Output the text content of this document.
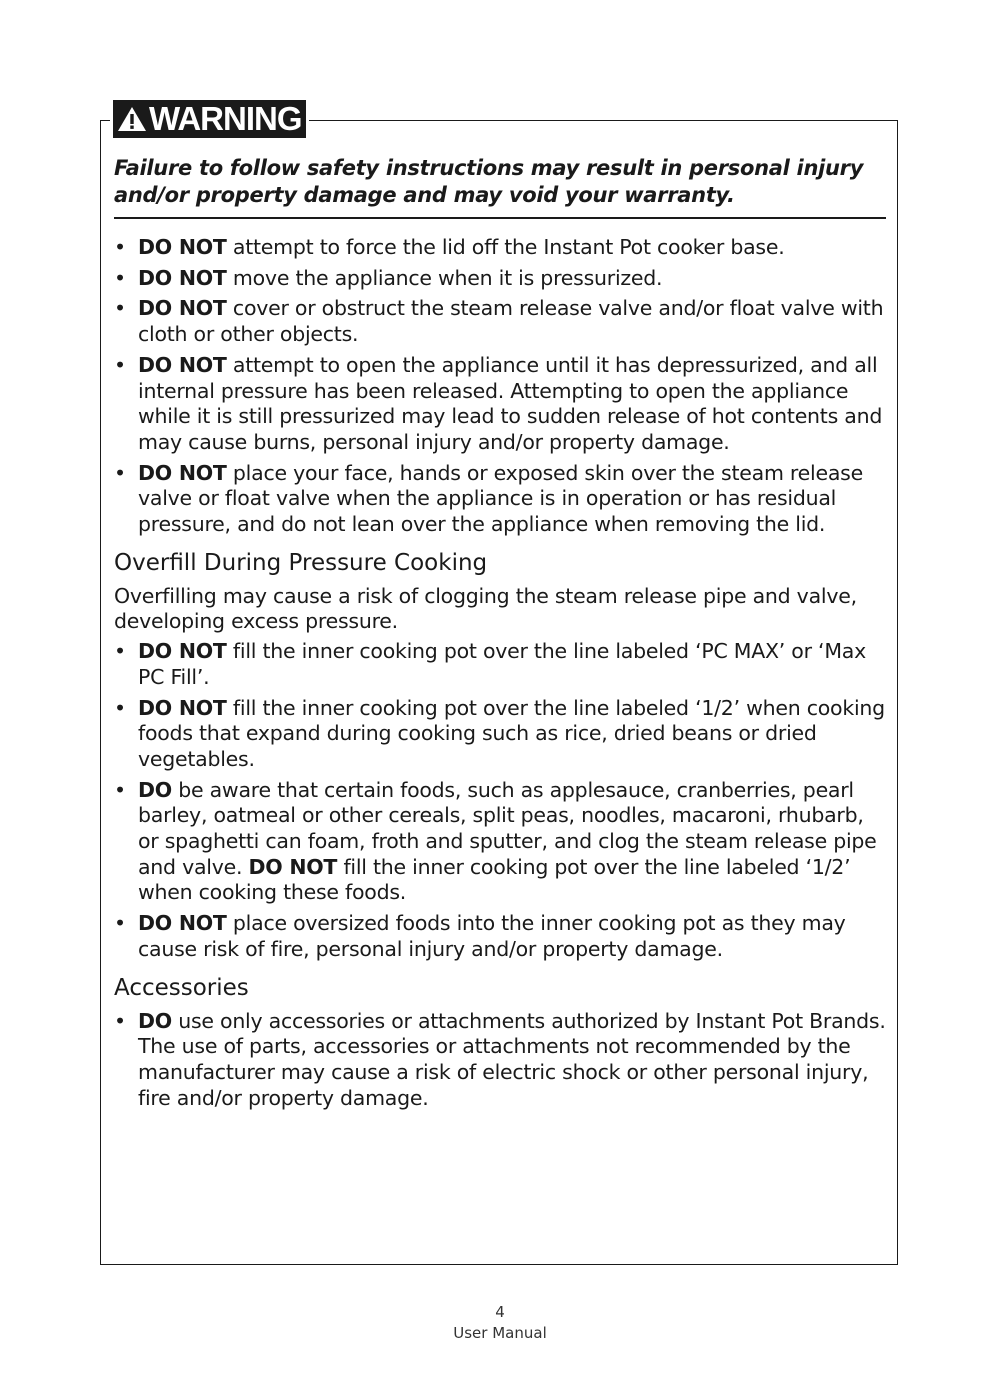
WARNING
Failure to follow safety instructions may result in personal injury and/or property damage and may void your warranty.
• DO NOT attempt to force the lid off the Instant Pot cooker base.
• DO NOT move the appliance when it is pressurized.
• DO NOT cover or obstruct the steam release valve and/or float valve with cloth or other objects.
• DO NOT attempt to open the appliance until it has depressurized, and all internal pressure has been released. Attempting to open the appliance while it is still pressurized may lead to sudden release of hot contents and may cause burns, personal injury and/or property damage.
• DO NOT place your face, hands or exposed skin over the steam release valve or float valve when the appliance is in operation or has residual pressure, and do not lean over the appliance when removing the lid.
Overfill During Pressure Cooking

Overfilling may cause a risk of clogging the steam release pipe and valve, developing excess pressure.

• DO NOT fill the inner cooking pot over the line labeled ‘PC MAX’ or ‘Max PC Fill’.
• DO NOT fill the inner cooking pot over the line labeled ‘1/2’ when cooking foods that expand during cooking such as rice, dried beans or dried vegetables.
• DO be aware that certain foods, such as applesauce, cranberries, pearl barley, oatmeal or other cereals, split peas, noodles, macaroni, rhubarb, or spaghetti can foam, froth and sputter, and clog the steam release pipe and valve. DO NOT fill the inner cooking pot over the line labeled ‘1/2’ when cooking these foods.
• DO NOT place oversized foods into the inner cooking pot as they may cause risk of fire, personal injury and/or property damage.
Accessories
• DO use only accessories or attachments authorized by Instant Pot Brands. The use of parts, accessories or attachments not recommended by the manufacturer may cause a risk of electric shock or other personal injury, fire and/or property damage.
4
User Manual
